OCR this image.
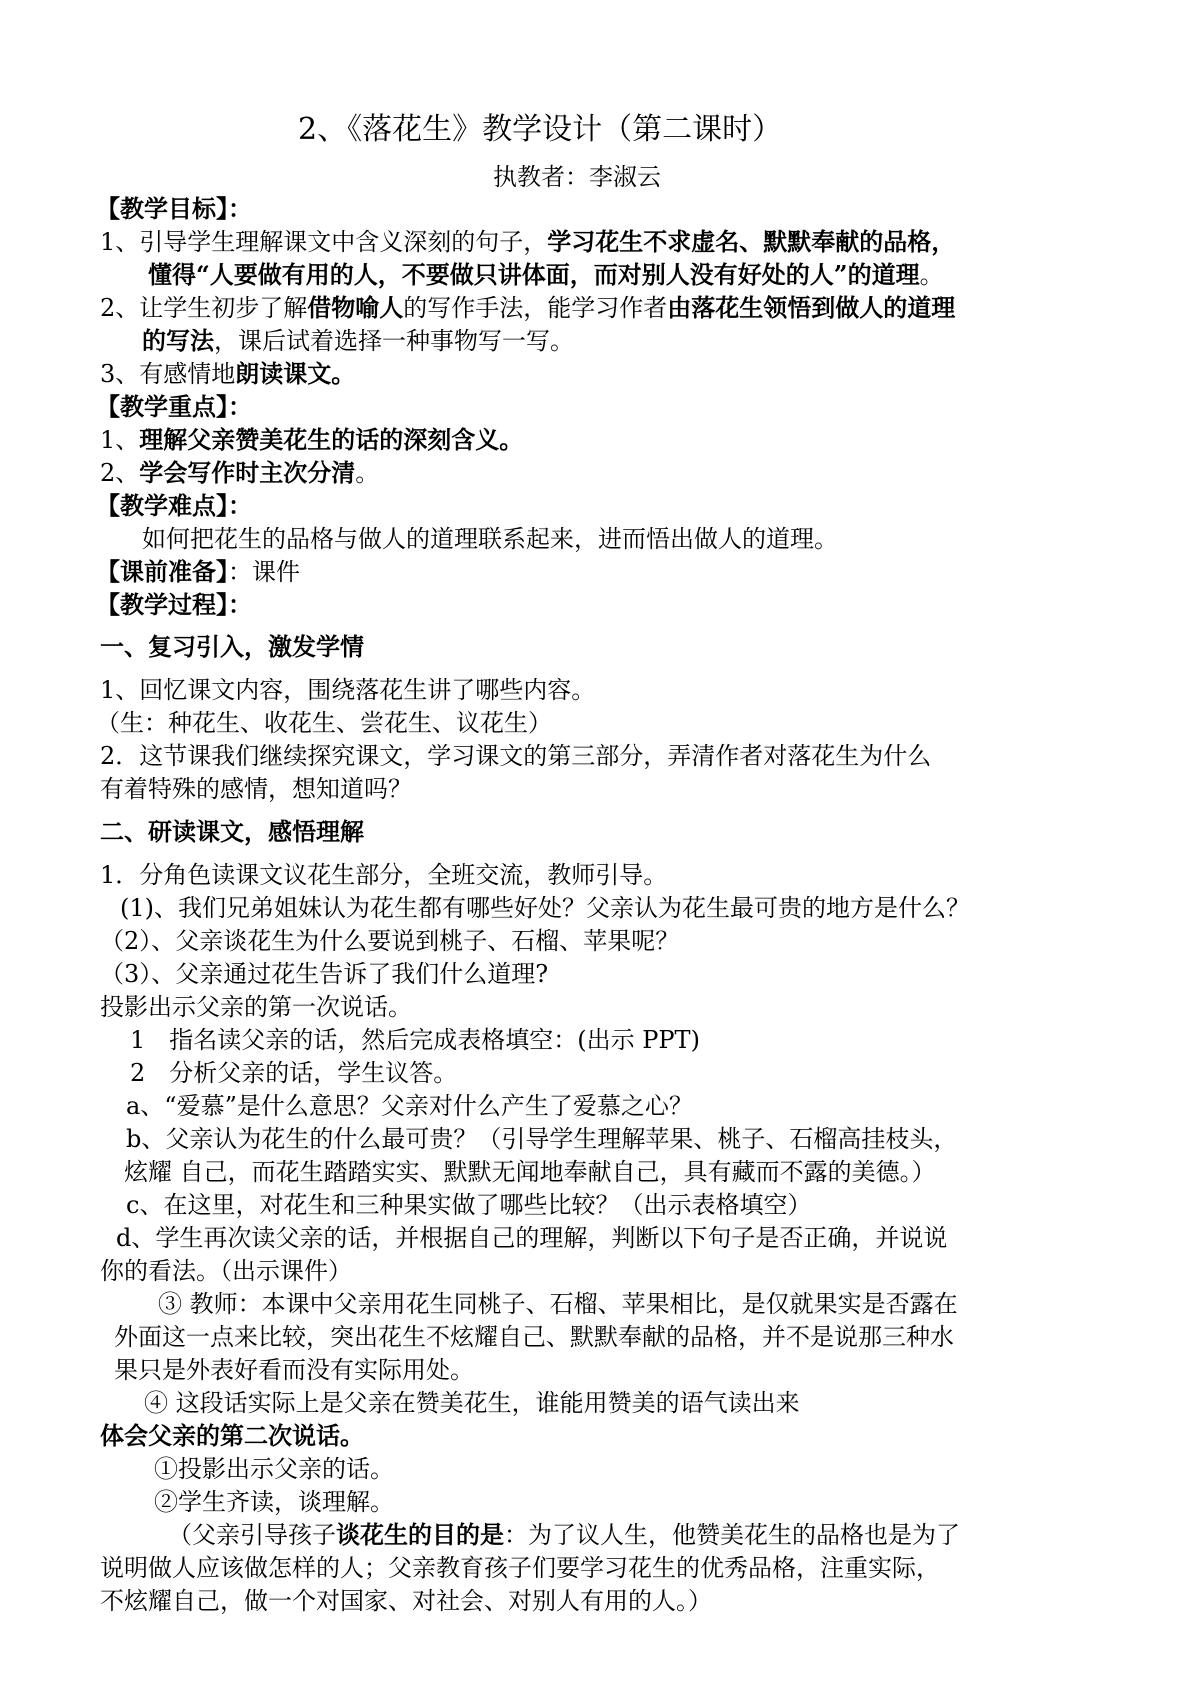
2、《落花生》教学设计（第二课时）
执教者：李淑云
【教学目标】：
1、引导学生理解课文中含义深刻的句子，学习花生不求虚名、默默奉献的品格，
懂得“人要做有用的人，不要做只讲体面，而对别人没有好处的人”的道理。
2、让学生初步了解借物喻人的写作手法，能学习作者由落花生领悟到做人的道理
的写法，课后试着选择一种事物写一写。
3、有感情地朗读课文。
【教学重点】：
1、理解父亲赞美花生的话的深刻含义。
2、学会写作时主次分清。
【教学难点】：
如何把花生的品格与做人的道理联系起来，进而悟出做人的道理。
【课前准备】：课件
【教学过程】：
一、复习引入，激发学情
1、回忆课文内容，围绕落花生讲了哪些内容。
（生：种花生、收花生、尝花生、议花生）
2．这节课我们继续探究课文，学习课文的第三部分，弄清作者对落花生为什么
有着特殊的感情，想知道吗？
二、研读课文，感悟理解
1．分角色读课文议花生部分，全班交流，教师引导。
(1)、我们兄弟姐妹认为花生都有哪些好处？父亲认为花生最可贵的地方是什么？
（2）、父亲谈花生为什么要说到桃子、石榴、苹果呢？
（3）、父亲通过花生告诉了我们什么道理?
投影出示父亲的第一次说话。
1　指名读父亲的话，然后完成表格填空：(出示 PPT)
2　分析父亲的话，学生议答。
a、“爱慕”是什么意思？父亲对什么产生了爱慕之心？
b、父亲认为花生的什么最可贵？（引导学生理解苹果、桃子、石榴高挂枝头，
炫耀 自己，而花生踏踏实实、默默无闻地奉献自己，具有藏而不露的美德。）
c、在这里，对花生和三种果实做了哪些比较？（出示表格填空）
d、学生再次读父亲的话，并根据自己的理解，判断以下句子是否正确，并说说
你的看法。（出示课件）
③ 教师：本课中父亲用花生同桃子、石榴、苹果相比，是仅就果实是否露在
外面这一点来比较，突出花生不炫耀自己、默默奉献的品格，并不是说那三种水
果只是外表好看而没有实际用处。
④ 这段话实际上是父亲在赞美花生，谁能用赞美的语气读出来
体会父亲的第二次说话。
①投影出示父亲的话。
②学生齐读，谈理解。
（父亲引导孩子谈花生的目的是：为了议人生，他赞美花生的品格也是为了
说明做人应该做怎样的人；父亲教育孩子们要学习花生的优秀品格，注重实际，
不炫耀自己，做一个对国家、对社会、对别人有用的人。）
